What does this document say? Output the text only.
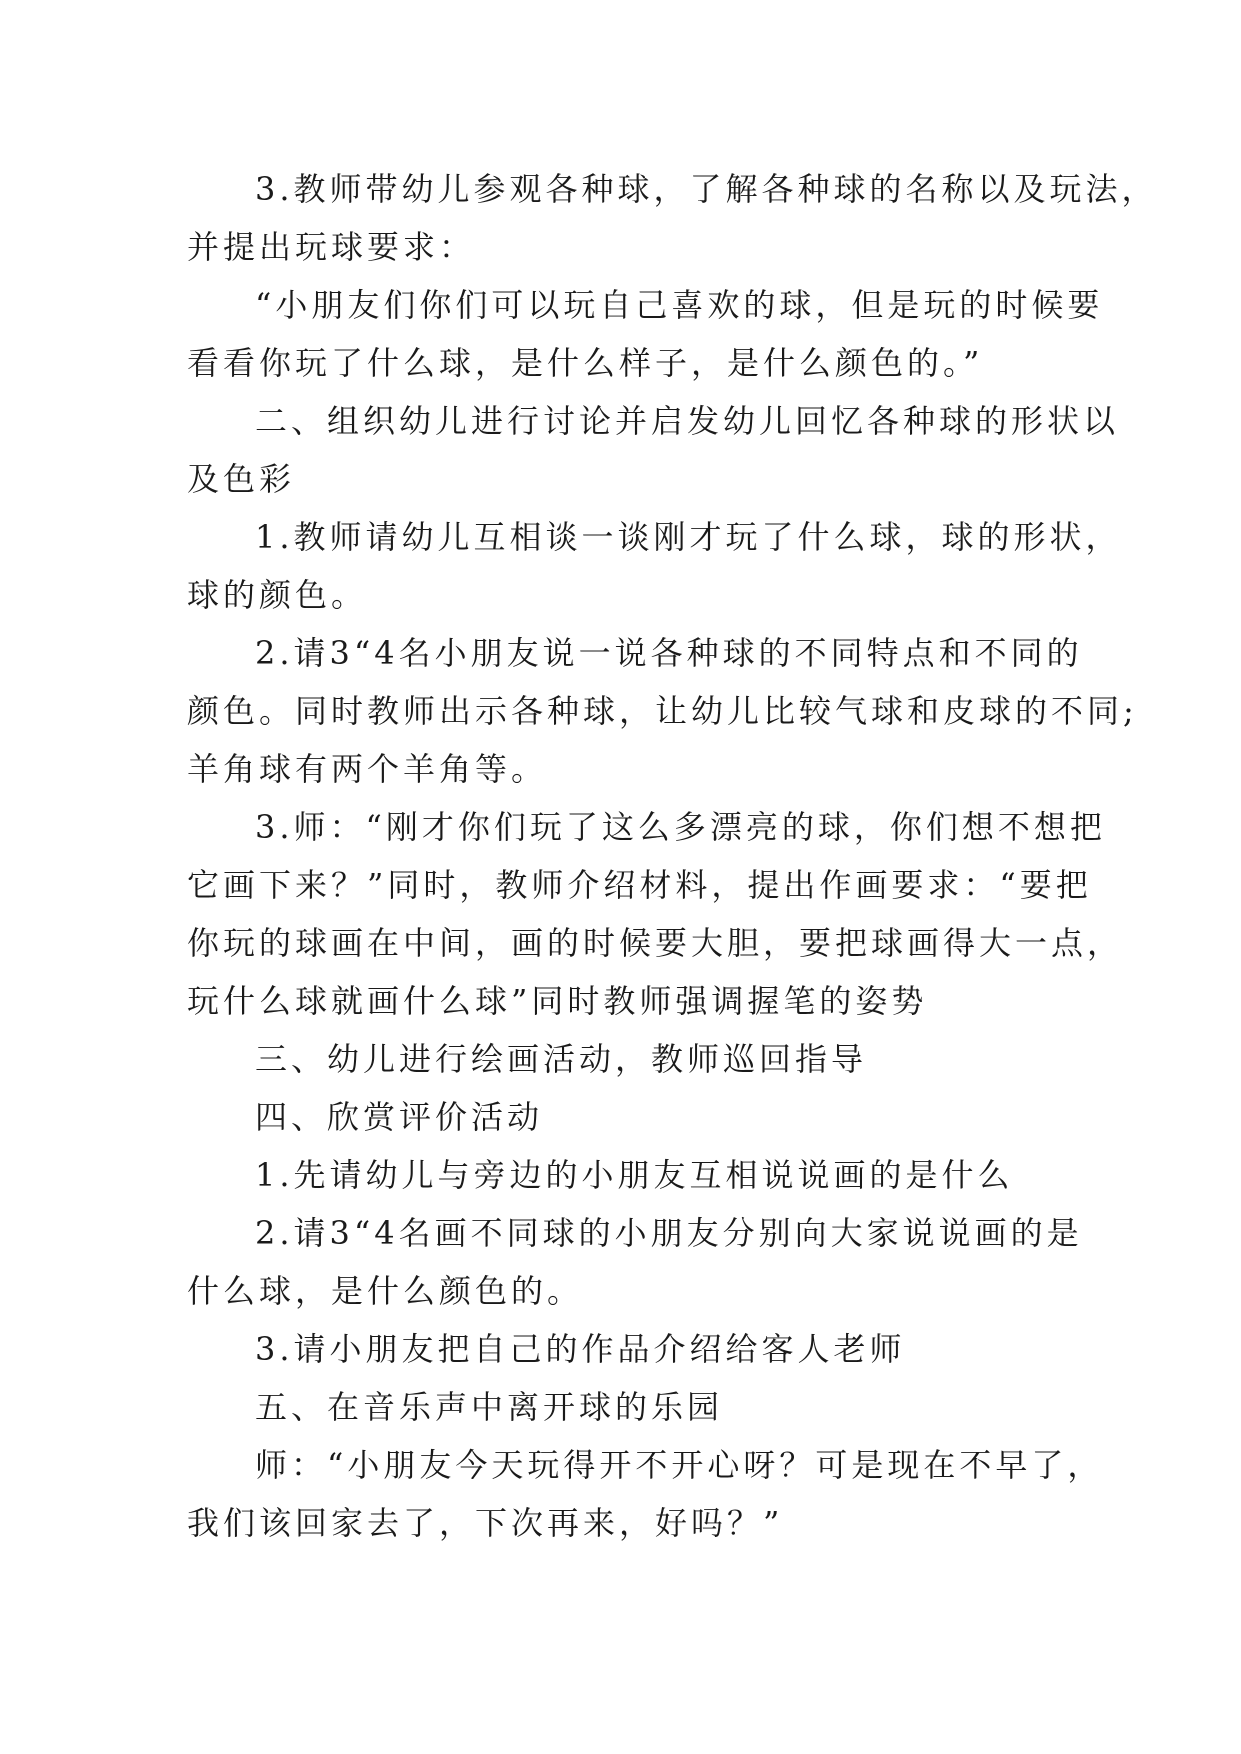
3.教师带幼儿参观各种球，了解各种球的名称以及玩法，
并提出玩球要求：

“小朋友们你们可以玩自己喜欢的球，但是玩的时候要
看看你玩了什么球，是什么样子，是什么颜色的。”

二、组织幼儿进行讨论并启发幼儿回忆各种球的形状以
及色彩

1.教师请幼儿互相谈一谈刚才玩了什么球，球的形状，
球的颜色。

2.请3“4名小朋友说一说各种球的不同特点和不同的
颜色。同时教师出示各种球，让幼儿比较气球和皮球的不同;
羊角球有两个羊角等。

3.师：“刚才你们玩了这么多漂亮的球，你们想不想把
它画下来？”同时，教师介绍材料，提出作画要求：“要把
你玩的球画在中间，画的时候要大胆，要把球画得大一点，
玩什么球就画什么球”同时教师强调握笔的姿势

三、幼儿进行绘画活动，教师巡回指导

四、欣赏评价活动

1.先请幼儿与旁边的小朋友互相说说画的是什么

2.请3“4名画不同球的小朋友分别向大家说说画的是
什么球，是什么颜色的。

3.请小朋友把自己的作品介绍给客人老师

五、在音乐声中离开球的乐园

师：“小朋友今天玩得开不开心呀？可是现在不早了，
我们该回家去了，下次再来，好吗？”
